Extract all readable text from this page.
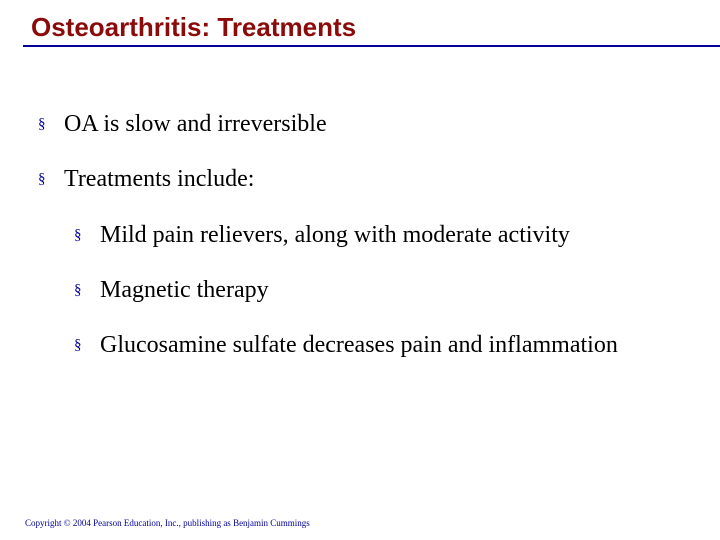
Osteoarthritis: Treatments
§ OA is slow and irreversible
§ Treatments include:
§ Mild pain relievers, along with moderate activity
§ Magnetic therapy
§ Glucosamine sulfate decreases pain and inflammation
Copyright © 2004 Pearson Education, Inc., publishing as Benjamin Cummings
